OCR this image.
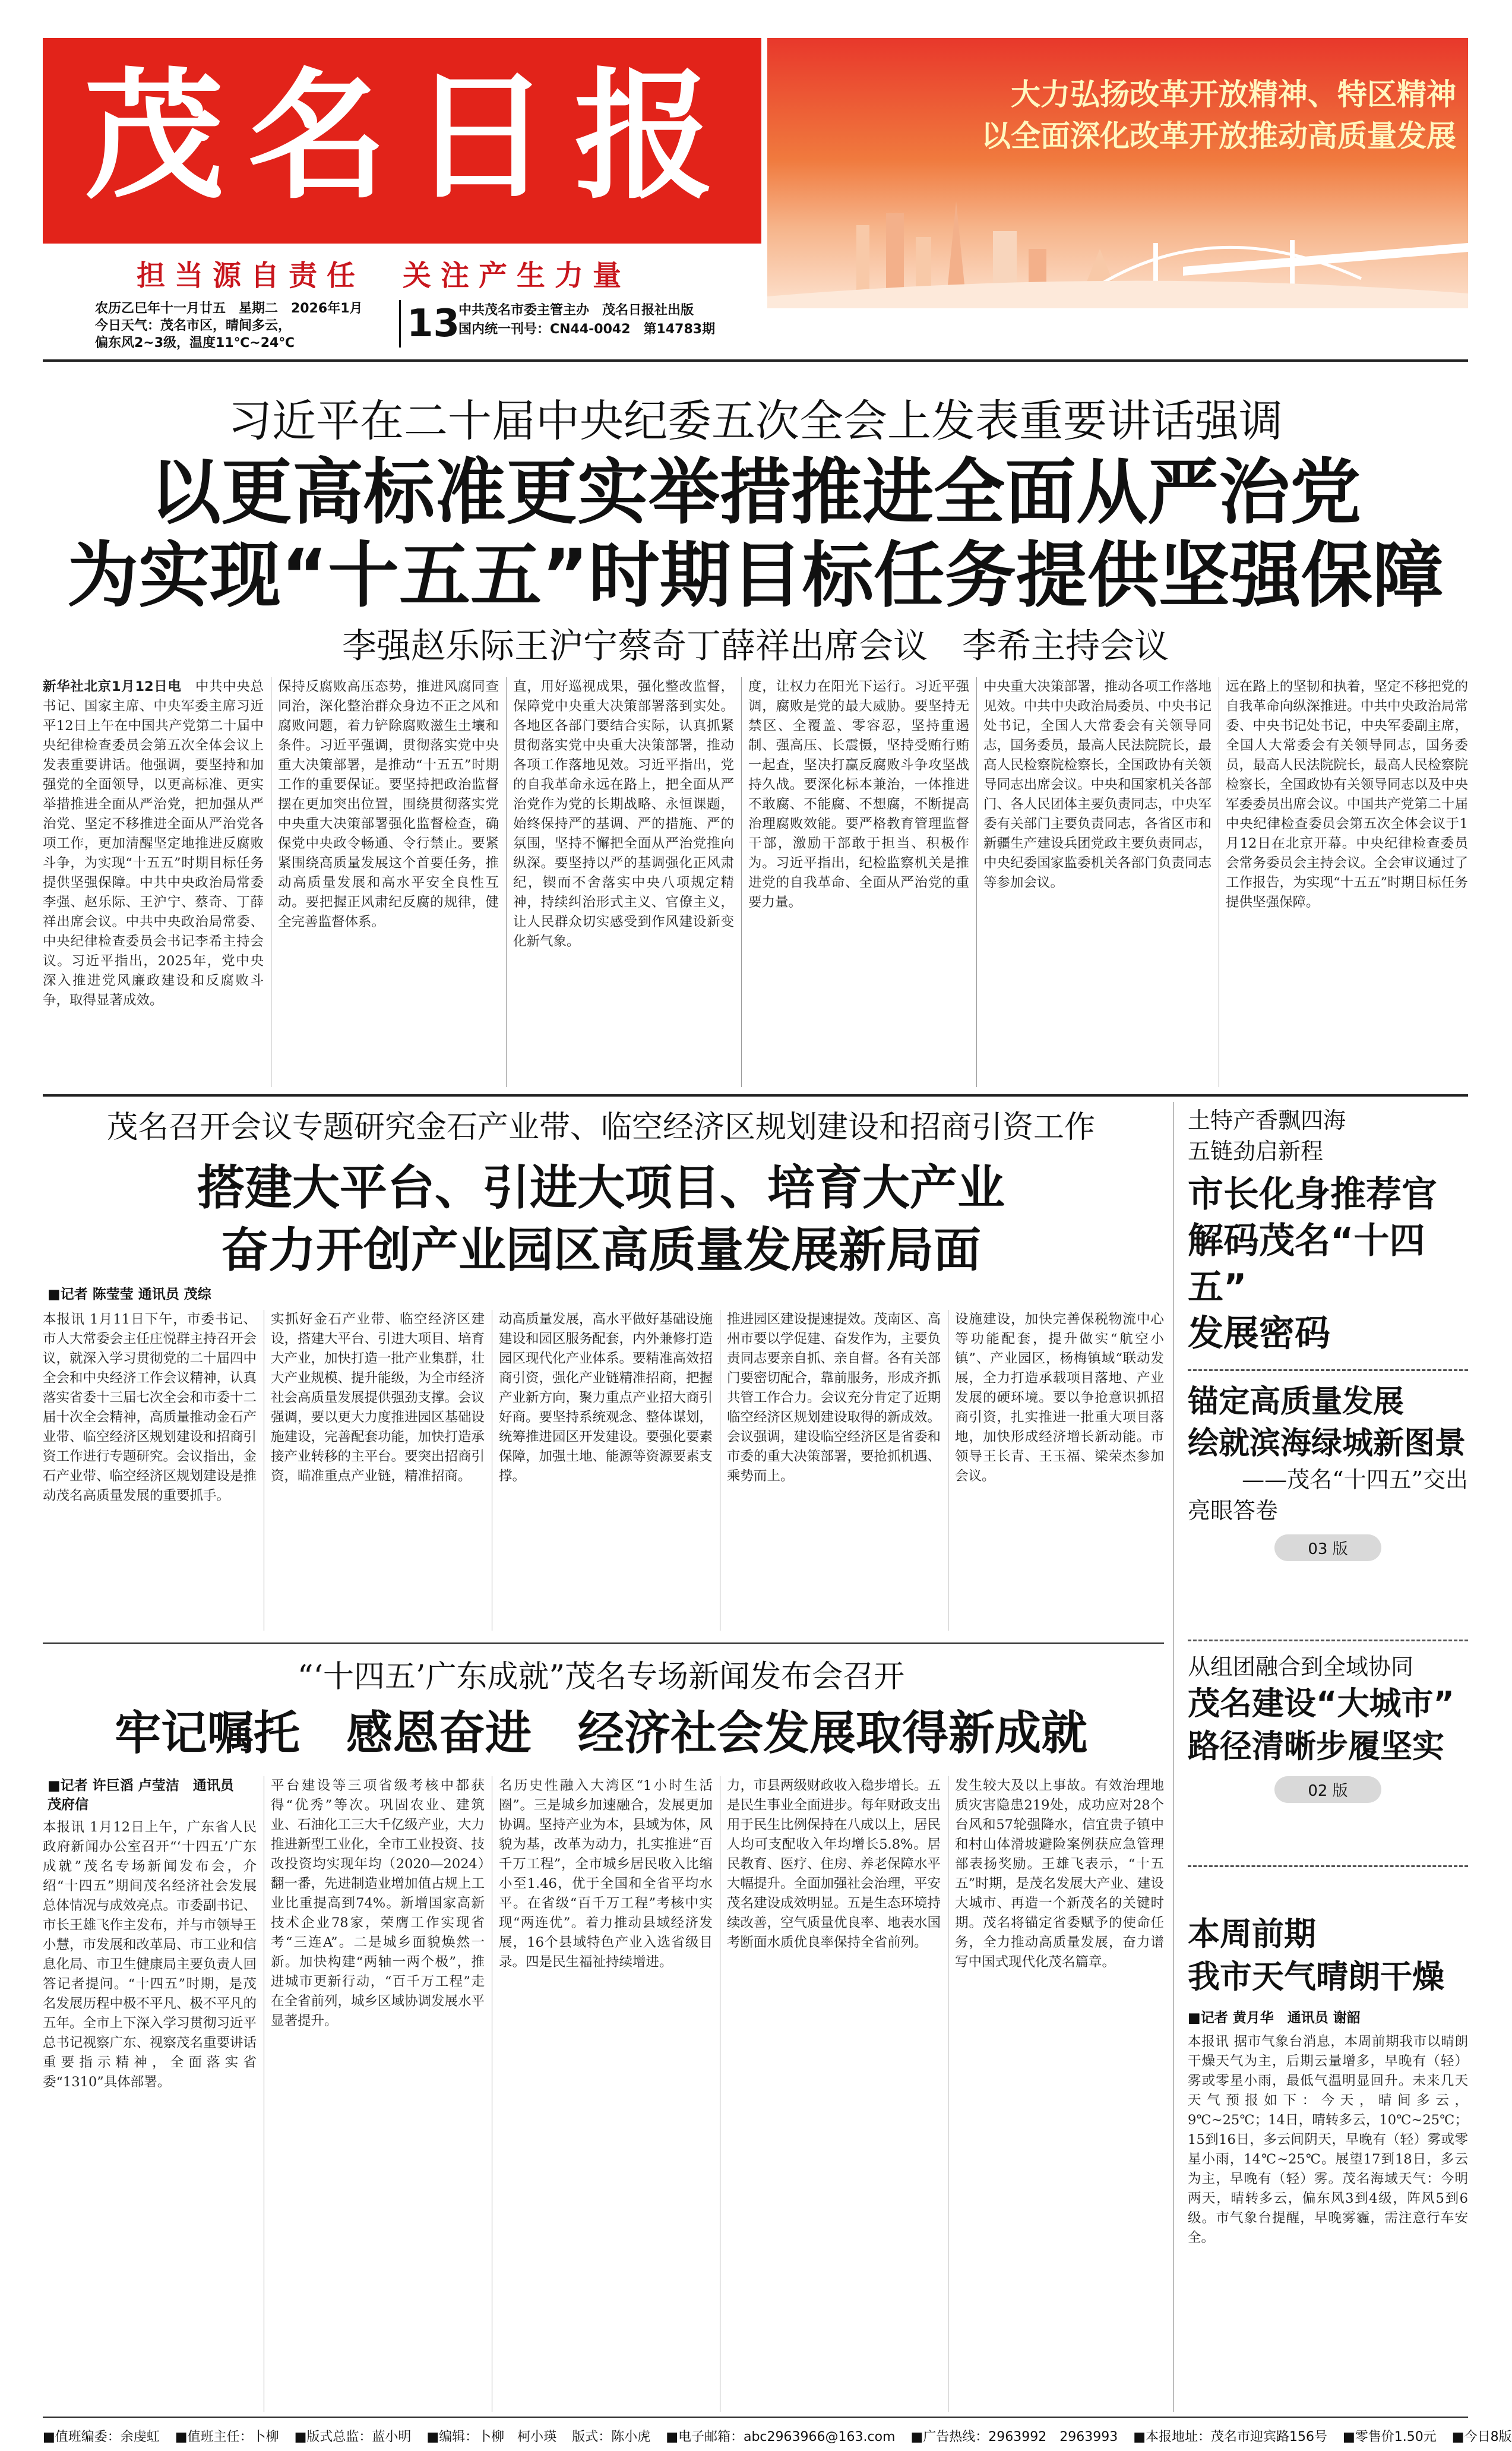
茂名日报
担当源自责任　关注产生力量
大力弘扬改革开放精神、特区精神
以全面深化改革开放推动高质量发展
农历乙巳年十一月廿五　星期二　2026年1月
今日天气：茂名市区，晴间多云，
偏东风2~3级，温度11℃~24℃	13
中共茂名市委主管主办　茂名日报社出版
国内统一刊号：CN44-0042　第14783期
习近平在二十届中央纪委五次全会上发表重要讲话强调
以更高标准更实举措推进全面从严治党
为实现“十五五”时期目标任务提供坚强保障
李强赵乐际王沪宁蔡奇丁薛祥出席会议　李希主持会议
新华社北京1月12日电　 中共中央总书记、国家主席、中央军委主席习近平12日上午在中国共产党第二十届中央纪律检查委员会第五次全体会议上发表重要讲话。他强调，要坚持和加强党的全面领导，以更高标准、更实举措推进全面从严治党，把加强从严治党、坚定不移推进全面从严治党各项工作，更加清醒坚定地推进反腐败斗争，为实现“十五五”时期目标任务提供坚强保障。中共中央政治局常委李强、赵乐际、王沪宁、蔡奇、丁薛祥出席会议。中共中央政治局常委、中央纪律检查委员会书记李希主持会议。习近平指出，2025年，党中央深入推进党风廉政建设和反腐败斗争，取得显著成效。
保持反腐败高压态势，推进风腐同查同治，深化整治群众身边不正之风和腐败问题，着力铲除腐败滋生土壤和条件。习近平强调，贯彻落实党中央重大决策部署，是推动“十五五”时期工作的重要保证。要坚持把政治监督摆在更加突出位置，围绕贯彻落实党中央重大决策部署强化监督检查，确保党中央政令畅通、令行禁止。要紧紧围绕高质量发展这个首要任务，推动高质量发展和高水平安全良性互动。要把握正风肃纪反腐的规律，健全完善监督体系。
直，用好巡视成果，强化整改监督，保障党中央重大决策部署落到实处。各地区各部门要结合实际，认真抓紧贯彻落实党中央重大决策部署，推动各项工作落地见效。习近平指出，党的自我革命永远在路上，把全面从严治党作为党的长期战略、永恒课题，始终保持严的基调、严的措施、严的氛围，坚持不懈把全面从严治党推向纵深。要坚持以严的基调强化正风肃纪，锲而不舍落实中央八项规定精神，持续纠治形式主义、官僚主义，让人民群众切实感受到作风建设新变化新气象。
度，让权力在阳光下运行。习近平强调，腐败是党的最大威胁。要坚持无禁区、全覆盖、零容忍，坚持重遏制、强高压、长震慑，坚持受贿行贿一起查，坚决打赢反腐败斗争攻坚战持久战。要深化标本兼治，一体推进不敢腐、不能腐、不想腐，不断提高治理腐败效能。要严格教育管理监督干部，激励干部敢于担当、积极作为。习近平指出，纪检监察机关是推进党的自我革命、全面从严治党的重要力量。
中央重大决策部署，推动各项工作落地见效。中共中央政治局委员、中央书记处书记，全国人大常委会有关领导同志，国务委员，最高人民法院院长，最高人民检察院检察长，全国政协有关领导同志出席会议。中央和国家机关各部门、各人民团体主要负责同志，中央军委有关部门主要负责同志，各省区市和新疆生产建设兵团党政主要负责同志，中央纪委国家监委机关各部门负责同志等参加会议。
远在路上的坚韧和执着，坚定不移把党的自我革命向纵深推进。中共中央政治局常委、中央书记处书记，中央军委副主席，全国人大常委会有关领导同志，国务委员，最高人民法院院长，最高人民检察院检察长，全国政协有关领导同志以及中央军委委员出席会议。中国共产党第二十届中央纪律检查委员会第五次全体会议于1月12日在北京开幕。中央纪律检查委员会常务委员会主持会议。全会审议通过了工作报告，为实现“十五五”时期目标任务提供坚强保障。
茂名召开会议专题研究金石产业带、临空经济区规划建设和招商引资工作
搭建大平台、引进大项目、培育大产业
奋力开创产业园区高质量发展新局面
■记者 陈莹莹 通讯员 茂综
本报讯 1月11日下午，市委书记、市人大常委会主任庄悦群主持召开会议，就深入学习贯彻党的二十届四中全会和中央经济工作会议精神，认真落实省委十三届七次全会和市委十二届十次全会精神，高质量推动金石产业带、临空经济区规划建设和招商引资工作进行专题研究。会议指出，金石产业带、临空经济区规划建设是推动茂名高质量发展的重要抓手。
实抓好金石产业带、临空经济区建设，搭建大平台、引进大项目、培育大产业，加快打造一批产业集群，壮大产业规模、提升能级，为全市经济社会高质量发展提供强劲支撑。会议强调，要以更大力度推进园区基础设施建设，完善配套功能，加快打造承接产业转移的主平台。要突出招商引资，瞄准重点产业链，精准招商。
动高质量发展，高水平做好基础设施建设和园区服务配套，内外兼修打造园区现代化产业体系。要精准高效招商引资，强化产业链精准招商，把握产业新方向，聚力重点产业招大商引好商。要坚持系统观念、整体谋划，统筹推进园区开发建设。要强化要素保障，加强土地、能源等资源要素支撑。
推进园区建设提速提效。茂南区、高州市要以学促建、奋发作为，主要负责同志要亲自抓、亲自督。各有关部门要密切配合，靠前服务，形成齐抓共管工作合力。会议充分肯定了近期临空经济区规划建设取得的新成效。会议强调，建设临空经济区是省委和市委的重大决策部署，要抢抓机遇、乘势而上。
设施建设，加快完善保税物流中心等功能配套，提升做实“航空小镇”、产业园区，杨梅镇域“联动发展，全力打造承载项目落地、产业发展的硬环境。要以争抢意识抓招商引资，扎实推进一批重大项目落地，加快形成经济增长新动能。市领导王长青、王玉福、梁荣杰参加会议。
“‘十四五’广东成就”茂名专场新闻发布会召开
牢记嘱托　感恩奋进　经济社会发展取得新成就
■记者 许巨滔 卢莹洁　通讯员 茂府信
本报讯 1月12日上午，广东省人民政府新闻办公室召开“‘十四五’广东成就”茂名专场新闻发布会，介绍“十四五”期间茂名经济社会发展总体情况与成效亮点。市委副书记、市长王雄飞作主发布，并与市领导王小慧，市发展和改革局、市工业和信息化局、市卫生健康局主要负责人回答记者提问。“十四五”时期，是茂名发展历程中极不平凡、极不平凡的五年。全市上下深入学习贯彻习近平总书记视察广东、视察茂名重要讲话重要指示精神，全面落实省委“1310”具体部署。
平台建设等三项省级考核中都获得“优秀”等次。巩固农业、建筑业、石油化工三大千亿级产业，大力推进新型工业化，全市工业投资、技改投资均实现年均（2020—2024）翻一番，先进制造业增加值占规上工业比重提高到74%。新增国家高新技术企业78家，荣膺工作实现省考“三连A”。二是城乡面貌焕然一新。加快构建“两轴一两个极”，推进城市更新行动，“百千万工程”走在全省前列，城乡区域协调发展水平显著提升。
名历史性融入大湾区“1小时生活圈”。三是城乡加速融合，发展更加协调。坚持产业为本，县域为体，风貌为基，改革为动力，扎实推进“百千万工程”，全市城乡居民收入比缩小至1.46，优于全国和全省平均水平。在省级“百千万工程”考核中实现“两连优”。着力推动县域经济发展，16个县域特色产业入选省级目录。四是民生福祉持续增进。
力，市县两级财政收入稳步增长。五是民生事业全面进步。每年财政支出用于民生比例保持在八成以上，居民人均可支配收入年均增长5.8%。居民教育、医疗、住房、养老保障水平大幅提升。全面加强社会治理，平安茂名建设成效明显。五是生态环境持续改善，空气质量优良率、地表水国考断面水质优良率保持全省前列。
发生较大及以上事故。有效治理地质灾害隐患219处，成功应对28个台风和57轮强降水，信宜贵子镇中和村山体滑坡避险案例获应急管理部表扬奖励。王雄飞表示，“十五五”时期，是茂名发展大产业、建设大城市、再造一个新茂名的关键时期。茂名将锚定省委赋予的使命任务，全力推动高质量发展，奋力谱写中国式现代化茂名篇章。
土特产香飘四海
五链劲启新程
市长化身推荐官
解码茂名“十四五”
发展密码
锚定高质量发展
绘就滨海绿城新图景
——茂名“十四五”交出
亮眼答卷
03 版
从组团融合到全域协同
茂名建设“大城市”
路径清晰步履坚实
02 版
本周前期
我市天气晴朗干燥
■记者 黄月华　通讯员 谢韶
本报讯 据市气象台消息，本周前期我市以晴朗干燥天气为主，后期云量增多，早晚有（轻）雾或零星小雨，最低气温明显回升。未来几天天气预报如下：今天，晴间多云，9℃~25℃；14日，晴转多云，10℃~25℃；15到16日，多云间阴天，早晚有（轻）雾或零星小雨，14℃~25℃。展望17到18日，多云为主，早晚有（轻）雾。茂名海域天气：今明两天，晴转多云，偏东风3到4级，阵风5到6级。市气象台提醒，早晚雾霾，需注意行车安全。
■值班编委：余虔虹 ■值班主任：卜柳 ■版式总监：蓝小明 ■编辑：卜柳　柯小瑛 版式：陈小虎 ■电子邮箱：abc2963966@163.com ■广告热线：2963992　2963993 ■本报地址：茂名市迎宾路156号 ■零售价1.50元 ■今日8版
